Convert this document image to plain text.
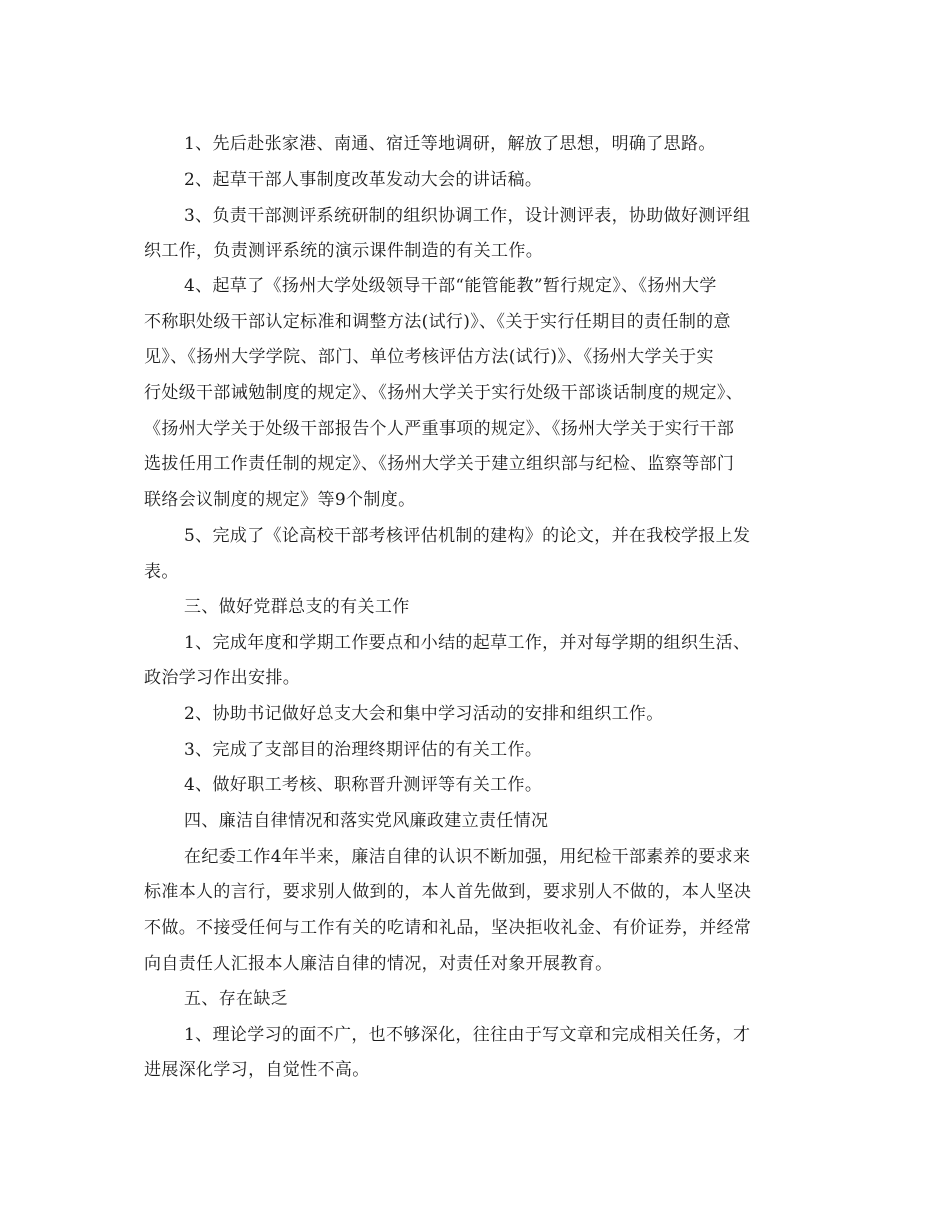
1、先后赴张家港、南通、宿迁等地调研，解放了思想，明确了思路。
2、起草干部人事制度改革发动大会的讲话稿。
3、负责干部测评系统研制的组织协调工作，设计测评表，协助做好测评组
织工作，负责测评系统的演示课件制造的有关工作。
4、起草了《扬州大学处级领导干部“能管能教”暂行规定》、《扬州大学
不称职处级干部认定标准和调整方法(试行)》、《关于实行任期目的责任制的意
见》、《扬州大学学院、部门、单位考核评估方法(试行)》、《扬州大学关于实
行处级干部诫勉制度的规定》、《扬州大学关于实行处级干部谈话制度的规定》、
《扬州大学关于处级干部报告个人严重事项的规定》、《扬州大学关于实行干部
选拔任用工作责任制的规定》、《扬州大学关于建立组织部与纪检、监察等部门
联络会议制度的规定》等9个制度。
5、完成了《论高校干部考核评估机制的建构》的论文，并在我校学报上发
表。
三、做好党群总支的有关工作
1、完成年度和学期工作要点和小结的起草工作，并对每学期的组织生活、
政治学习作出安排。
2、协助书记做好总支大会和集中学习活动的安排和组织工作。
3、完成了支部目的治理终期评估的有关工作。
4、做好职工考核、职称晋升测评等有关工作。
四、廉洁自律情况和落实党风廉政建立责任情况
在纪委工作4年半来，廉洁自律的认识不断加强，用纪检干部素养的要求来
标准本人的言行，要求别人做到的，本人首先做到，要求别人不做的，本人坚决
不做。不接受任何与工作有关的吃请和礼品，坚决拒收礼金、有价证券，并经常
向自责任人汇报本人廉洁自律的情况，对责任对象开展教育。
五、存在缺乏
1、理论学习的面不广，也不够深化，往往由于写文章和完成相关任务，才
进展深化学习，自觉性不高。
